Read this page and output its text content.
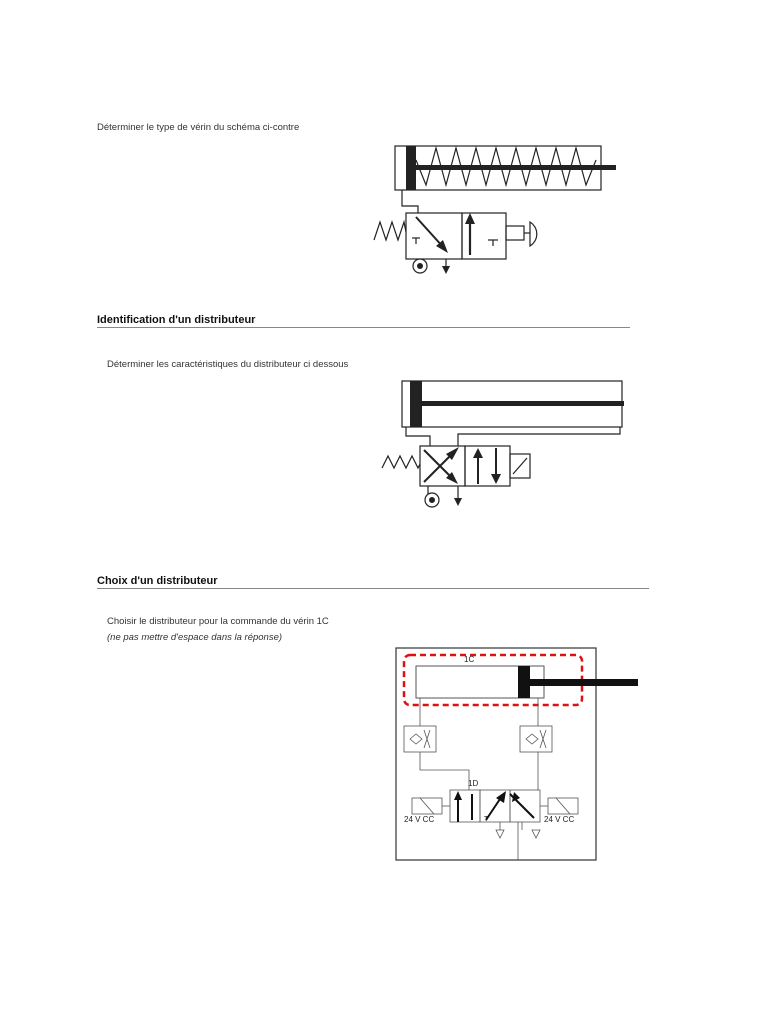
Déterminer le type de vérin du schéma ci-contre
Identification d'un distributeur
Déterminer les caractéristiques du distributeur ci dessous
Choix d'un distributeur
Choisir le distributeur pour la commande du vérin 1C
(ne pas mettre d'espace dans la réponse)
1C
1D
24 V CC	24 V CC
T
